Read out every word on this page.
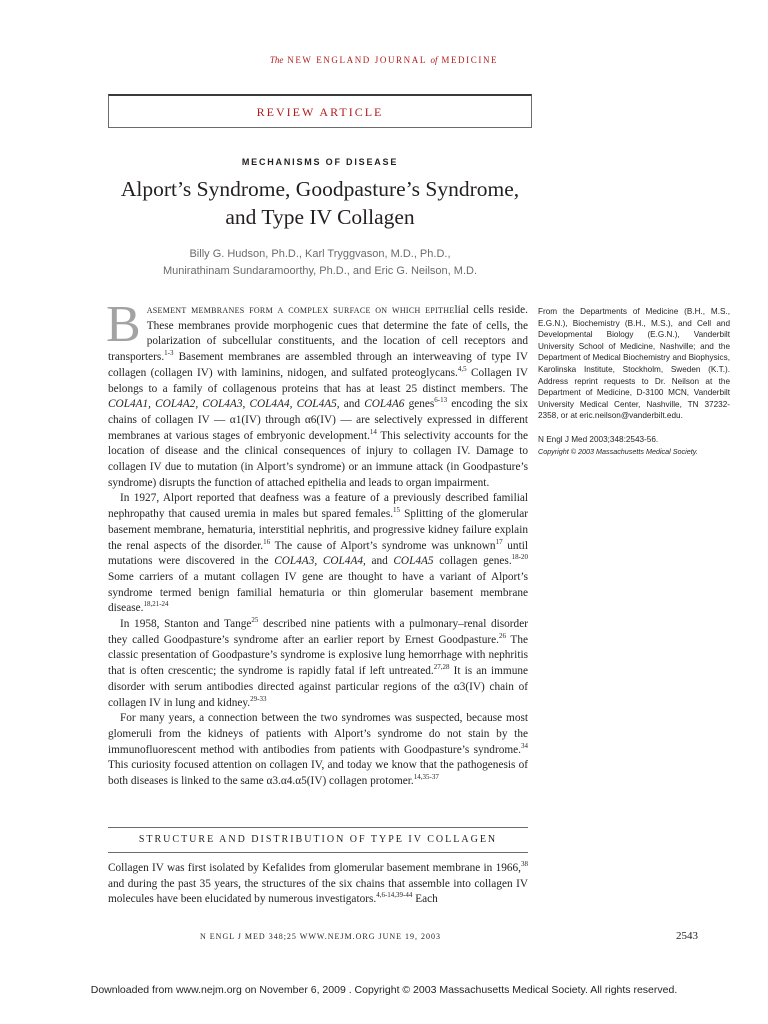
The NEW ENGLAND JOURNAL of MEDICINE
REVIEW ARTICLE
MECHANISMS OF DISEASE
Alport’s Syndrome, Goodpasture’s Syndrome,
and Type IV Collagen
Billy G. Hudson, Ph.D., Karl Tryggvason, M.D., Ph.D.,
Munirathinam Sundaramoorthy, Ph.D., and Eric G. Neilson, M.D.

Basement membranes form a complex surface on which epithelial cells reside. These membranes provide morphogenic cues that determine the fate of cells, the polarization of subcellular constituents, and the location of cell receptors and transporters.$^{1-3}$ Basement membranes are assembled through an interweaving of type IV collagen (collagen IV) with laminins, nidogen, and sulfated proteoglycans.$^{4,5}$ Collagen IV belongs to a family of collagenous proteins that has at least 25 distinct members. The COL4A1, COL4A2, COL4A3, COL4A4, COL4A5, and COL4A6 genes$^{6-13}$ encoding the six chains of collagen IV — α1(IV) through α6(IV) — are selectively expressed in different membranes at various stages of embryonic development.$^{14}$ This selectivity accounts for the location of disease and the clinical consequences of injury to collagen IV. Damage to collagen IV due to mutation (in Alport’s syndrome) or an immune attack (in Goodpasture’s syndrome) disrupts the function of attached epithelia and leads to organ impairment.

In 1927, Alport reported that deafness was a feature of a previously described familial nephropathy that caused uremia in males but spared females.$^{15}$ Splitting of the glomerular basement membrane, hematuria, interstitial nephritis, and progressive kidney failure explain the renal aspects of the disorder.$^{16}$ The cause of Alport’s syndrome was unknown$^{17}$ until mutations were discovered in the COL4A3, COL4A4, and COL4A5 collagen genes.$^{18-20}$ Some carriers of a mutant collagen IV gene are thought to have a variant of Alport’s syndrome termed benign familial hematuria or thin glomerular basement membrane disease.$^{18,21-24}$

In 1958, Stanton and Tange$^{25}$ described nine patients with a pulmonary–renal disorder they called Goodpasture’s syndrome after an earlier report by Ernest Goodpasture.$^{26}$ The classic presentation of Goodpasture’s syndrome is explosive lung hemorrhage with nephritis that is often crescentic; the syndrome is rapidly fatal if left untreated.$^{27,28}$ It is an immune disorder with serum antibodies directed against particular regions of the α3(IV) chain of collagen IV in lung and kidney.$^{29-33}$

For many years, a connection between the two syndromes was suspected, because most glomeruli from the kidneys of patients with Alport’s syndrome do not stain by the immunofluorescent method with antibodies from patients with Goodpasture’s syndrome.$^{34}$ This curiosity focused attention on collagen IV, and today we know that the pathogenesis of both diseases is linked to the same α3.α4.α5(IV) collagen protomer.$^{14,35-37}$

From the Departments of Medicine (B.H., M.S., E.G.N.), Biochemistry (B.H., M.S.), and Cell and Developmental Biology (E.G.N.), Vanderbilt University School of Medicine, Nashville; and the Department of Medical Biochemistry and Biophysics, Karolinska Institute, Stockholm, Sweden (K.T.). Address reprint requests to Dr. Neilson at the Department of Medicine, D-3100 MCN, Vanderbilt University Medical Center, Nashville, TN 37232-2358, or at eric.neilson@vanderbilt.edu.
N Engl J Med 2003;348:2543-56.
Copyright © 2003 Massachusetts Medical Society.
STRUCTURE AND DISTRIBUTION OF TYPE IV COLLAGEN

Collagen IV was first isolated by Kefalides from glomerular basement membrane in 1966,38 and during the past 35 years, the structures of the six chains that assemble into collagen IV molecules have been elucidated by numerous investigators.$^{4,6-14,39-44}$ Each

N ENGL J MED 348;25 WWW.NEJM.ORG JUNE 19, 2003	2543
Downloaded from www.nejm.org on November 6, 2009 . Copyright © 2003 Massachusetts Medical Society. All rights reserved.
